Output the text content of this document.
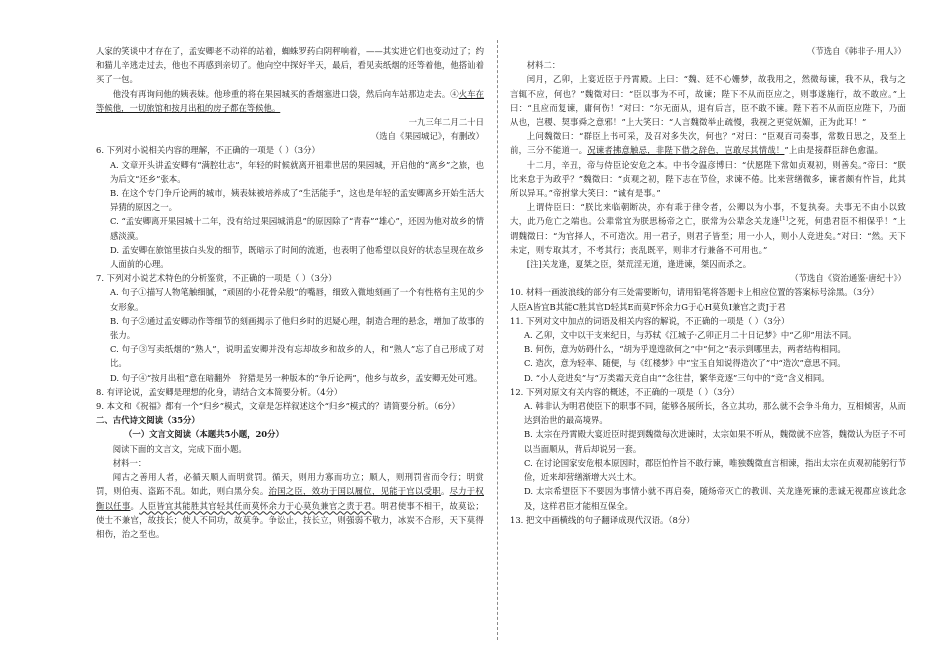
人家的笑谈中才存在了，孟安卿老不动祥的站着，蜘蛛罗药白阴秤响着，——其实进它们也变动过了；约和猫儿辛逃走过去，他也不再感到亲切了。他向空中探好半天，最后，看见卖纸烟的还等着他，他搭讪着买了一包。

他没有再询问他的姨表妹。他珍重的将在果园城买的香烟塞进口袋，然后向车站那边走去。④火车在等候他，一切旅馆和按月出租的房子都在等候他。

一九三年二月二十日

（选自《果园城记》，有删改）

6. 下列对小说相关内容的理解，不正确的一项是（ ）（3分）

A. 文章开头讲孟安卿有“满腔壮志”，年轻的时候就离开祖辈世居的果园城，开启他的“离乡”之旅，也为后文“还乡”张本。

B. 在这个专门争斤论两的城市，姨表妹被培养成了“生活能手”，这也是年轻的孟安卿离乡开始生活大异猜的原因之一。

C. “孟安卿离开果园城十二年，没有给过果园城消息”的原因除了“青春”“雄心”，还因为他对故乡的情感淡漠。

D. 孟安卿在旅馆里拔白头发的细节，既暗示了时间的流逝，也表明了他希望以良好的状态呈现在故乡人面前的心理。

7. 下列对小说艺术特色的分析鉴赏，不正确的一项是（ ）（3分）

A. 句子①描写人物笔触细腻，“顽固的小花骨朵般”的嘴唇，细致入微地刻画了一个有性格有主见的少女形象。

B. 句子②通过孟安卿动作等细节的刻画揭示了他归乡时的迟疑心理，制造合理的悬念，增加了故事的张力。

C. 句子③写卖纸烟的“熟人”，说明孟安卿并没有忘却故乡和故乡的人，和“熟人”忘了自己形成了对比。

D. 句子④“按月出租”意在暗翻外　狩猎是另一种版本的“争斤论两”，他乡与故乡，孟安卿无处可逃。

8. 有评论说，孟安卿是理想的化身，请结合文本简要分析。（4分）

9. 本文和《祝福》都有一个“归乡”模式，文章是怎样叙述这个“归乡”模式的？请简要分析。（6分）

二、古代诗文阅读（35分）

（一）文言文阅读（本题共5小题，20分）

阅读下面的文言文，完成下面小题。

材料一：

闻古之善用人者，必循天顺人而明赏罚。循天，则用力寡而功立；顺人，则刑罚省而令行；明赏罚，则伯夷、盗跖不乱。如此，则白黑分矣。治国之臣，效功于国以履位，见能于官以受职。尽力于权衡以任事。人臣皆宜其能胜其官轻其任而莫怀余力于心莫负兼官之责于君。明君使事不相干，故莫讼；使士不兼官，故技长；使人不同功，故莫争。争讼止，技长立，则强弱不敬力，冰炭不合形，天下莫得相伤，治之至也。

（节选自《韩非子·用人》）

材料二：

闰月，乙卯，上宴近臣于丹霄殿。上曰：“魏、廷不心姗梦，故我用之，然微每谏，我不从，我与之言辄不应，何也？”魏徵对曰：“臣以事为不可，故谏；陛下不从而臣应之，则事遂施行，故不敢应。”上曰：“且应而复谏，庸何伤！”对曰：“尔无面从，退有后言，臣不敢不谏。陛下若不从而臣应陛下，乃面从也，岂稷、契事舜之意邪！”上大笑曰：“人言魏徵举止疏慢，我视之更觉妩媚，正为此耳！”

上问魏徵曰：“群臣上书可采，及召对多失次，何也？”对曰：“臣观百司奏事，常数日思之，及至上前，三分不能道一。况谏者拂意触忌，非陛下借之辞色，岂敢尽其情哉！”上由是接群臣辞色愈温。

十二月，辛丑，帝与侍臣论安危之本。中书令温彦博曰：“伏愿陛下常如贞观初，则善矣。”帝曰：“朕比来怠于为政乎？”魏徵曰：“贞观之初，陛下志在节俭，求谏不倦。比来营缮微多，谏者颇有忤旨，此其所以异耳。”帝拊掌大笑曰：“诚有是事。”

上谓侍臣曰：“朕比来临朝断决，亦有乖于律令者，公卿以为小事，不复执奏。夫事无不由小以致大，此乃危亡之端也。公辈常宜为朕思杨帝之亡，朕常为公辈念关龙逢[1]之死，何患君臣不相保乎！”上谓魏徵曰：“为官择人，不可造次。用一君子，则君子皆至；用一小人，则小人竞进矣。”对曰：“然。天下未定，则专取其才，不考其行；丧乱既平，则非才行兼备不可用也。”

[注]关龙逢，夏桀之臣，桀荒淫无道，逢进谏，桀囚而杀之。

（节选自《资治通鉴·唐纪十》）

10. 材料一画波浪线的部分有三处需要断句，请用铅笔将答题卡上相应位置的答案标号涂黑。（3分）

人臣A皆宜B其能C胜其官D轻其E而莫F怀余力G于心H莫负I兼官之责J于君

11. 下列对文中加点的词语及相关内容的解说，不正确的一项是（ ）（3分）

A. 乙卯，文中以干支来纪日，与苏轼《江城子·乙卯正月二十日记梦》中“乙卯”用法不同。

B. 何伤，意为妨碍什么，“胡为乎遑遑欲何之”中“何之”表示到哪里去，两者结构相同。

C. 造次，意为轻率、随便，与《红楼梦》中“宝玉自知说得造次了”中“造次”意思不同。

D. “小人竞进矣”与“万类霜天竞自由”“念往昔，繁华竞逐”三句中的“竞”含义相同。

12. 下列对原文有关内容的概述，不正确的一项是（ ）（3分）

A. 韩非认为明君使臣下的职事不同，能够各展所长，各立其功，那么就不会争斗角力，互相倾害，从而达到治世的最高境界。

B. 太宗在丹霄殿大宴近臣时提到魏徵每次进谏时，太宗如果不听从，魏徵就不应答，魏徵认为臣子不可以当面顺从，背后却说另一套。

C. 在讨论国家安危根本原因时，郡臣怕忤旨不敢行谏，唯独魏徵直言相谏，指出太宗在贞观初能躬行节俭，近来却营缮渐增大兴土木。

D. 太宗希望臣下不要因为事情小就不再启奏，随炀帝灭亡的教训、关龙逢死谏的悲诚无视郡应该此念及，这样君臣才能相互保全。

13. 把文中画横线的句子翻译成现代汉语。（8分）
